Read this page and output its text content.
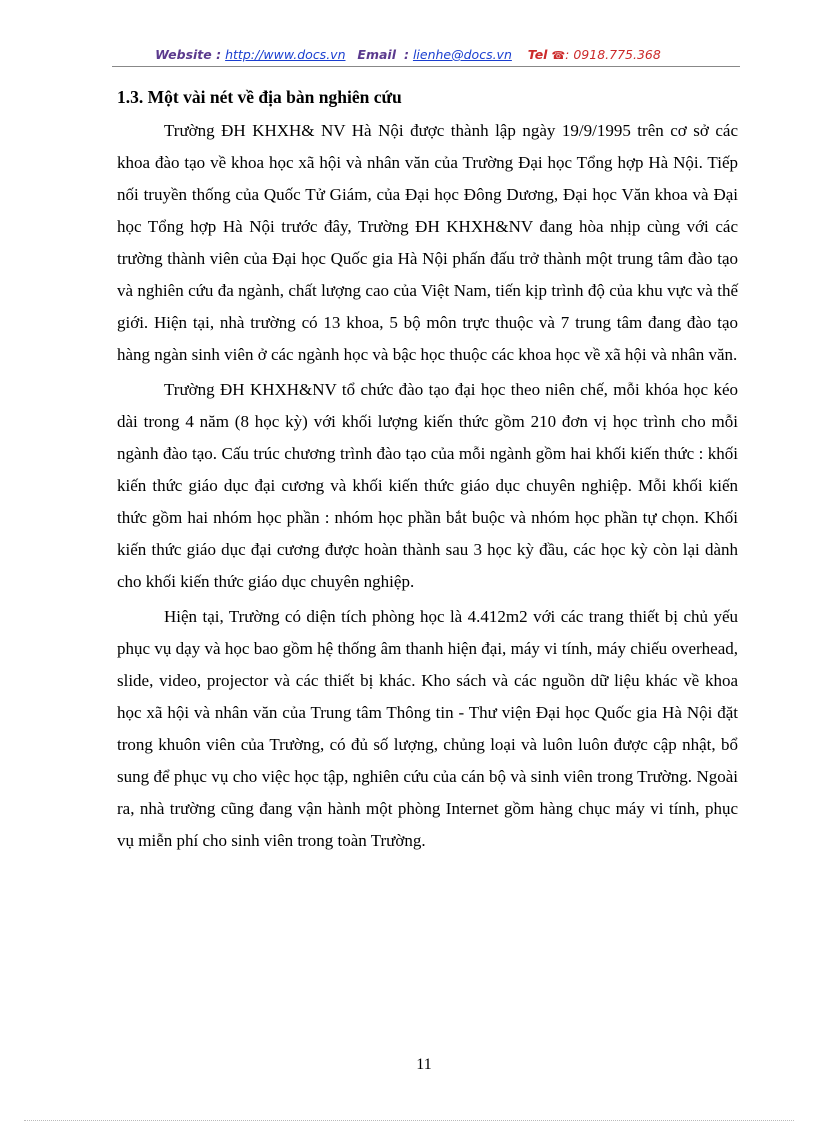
Website : http://www.docs.vn Email : lienhe@docs.vn Tel ☎: 0918.775.368
1.3. Một vài nét về địa bàn nghiên cứu

Trường ĐH KHXH& NV Hà Nội được thành lập ngày 19/9/1995 trên cơ sở các khoa đào tạo về khoa học xã hội và nhân văn của Trường Đại học Tổng hợp Hà Nội. Tiếp nối truyền thống của Quốc Tử Giám, của Đại học Đông Dương, Đại học Văn khoa và Đại học Tổng hợp Hà Nội trước đây, Trường ĐH KHXH&NV đang hòa nhịp cùng với các trường thành viên của Đại học Quốc gia Hà Nội phấn đấu trở thành một trung tâm đào tạo và nghiên cứu đa ngành, chất lượng cao của Việt Nam, tiến kịp trình độ của khu vực và thế giới. Hiện tại, nhà trường có 13 khoa, 5 bộ môn trực thuộc và 7 trung tâm đang đào tạo hàng ngàn sinh viên ở các ngành học và bậc học thuộc các khoa học về xã hội và nhân văn.

Trường ĐH KHXH&NV tổ chức đào tạo đại học theo niên chế, mỗi khóa học kéo dài trong 4 năm (8 học kỳ) với khối lượng kiến thức gồm 210 đơn vị học trình cho mỗi ngành đào tạo. Cấu trúc chương trình đào tạo của mỗi ngành gồm hai khối kiến thức : khối kiến thức giáo dục đại cương và khối kiến thức giáo dục chuyên nghiệp. Mỗi khối kiến thức gồm hai nhóm học phần : nhóm học phần bắt buộc và nhóm học phần tự chọn. Khối kiến thức giáo dục đại cương được hoàn thành sau 3 học kỳ đầu, các học kỳ còn lại dành cho khối kiến thức giáo dục chuyên nghiệp.

Hiện tại, Trường có diện tích phòng học là 4.412m2 với các trang thiết bị chủ yếu phục vụ dạy và học bao gồm hệ thống âm thanh hiện đại, máy vi tính, máy chiếu overhead, slide, video, projector và các thiết bị khác. Kho sách và các nguồn dữ liệu khác về khoa học xã hội và nhân văn của Trung tâm Thông tin - Thư viện Đại học Quốc gia Hà Nội đặt trong khuôn viên của Trường, có đủ số lượng, chủng loại và luôn luôn được cập nhật, bổ sung để phục vụ cho việc học tập, nghiên cứu của cán bộ và sinh viên trong Trường. Ngoài ra, nhà trường cũng đang vận hành một phòng Internet gồm hàng chục máy vi tính, phục vụ miễn phí cho sinh viên trong toàn Trường.

11
